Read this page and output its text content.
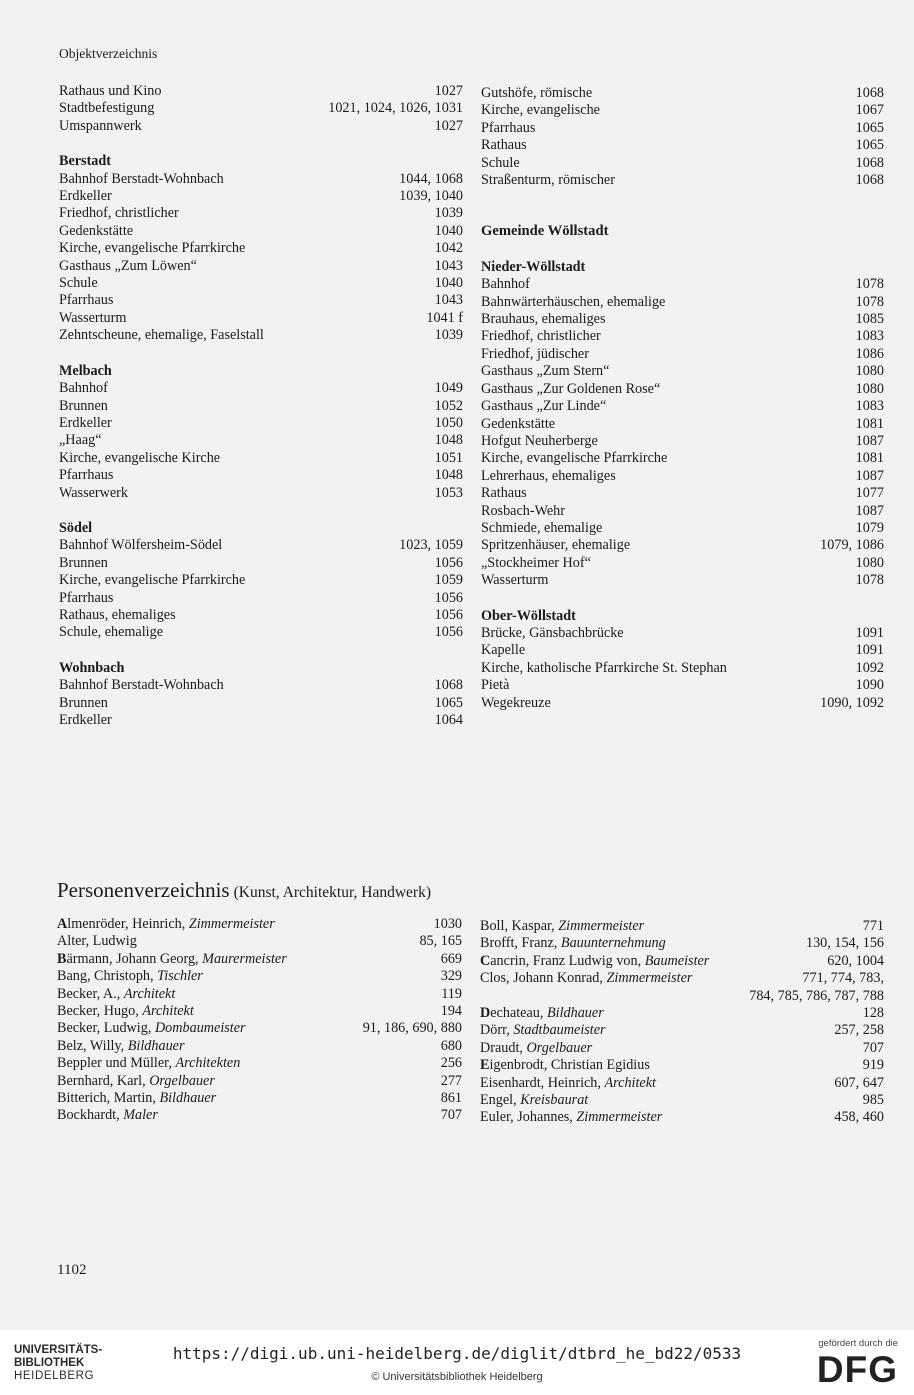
Objektverzeichnis
Rathaus und Kino	1027
Stadtbefestigung	1021, 1024, 1026, 1031
Umspannwerk	1027
Berstadt
Bahnhof Berstadt-Wohnbach	1044, 1068
Erdkeller	1039, 1040
Friedhof, christlicher	1039
Gedenkstätte	1040
Kirche, evangelische Pfarrkirche	1042
Gasthaus „Zum Löwen“	1043
Schule	1040
Pfarrhaus	1043
Wasserturm	1041 f
Zehntscheune, ehemalige, Faselstall	1039
Melbach
Bahnhof	1049
Brunnen	1052
Erdkeller	1050
„Haag“	1048
Kirche, evangelische Kirche	1051
Pfarrhaus	1048
Wasserwerk	1053
Södel
Bahnhof Wölfersheim-Södel	1023, 1059
Brunnen	1056
Kirche, evangelische Pfarrkirche	1059
Pfarrhaus	1056
Rathaus, ehemaliges	1056
Schule, ehemalige	1056
Wohnbach
Bahnhof Berstadt-Wohnbach	1068
Brunnen	1065
Erdkeller	1064
Gutshöfe, römische	1068
Kirche, evangelische	1067
Pfarrhaus	1065
Rathaus	1065
Schule	1068
Straßenturm, römischer	1068
Gemeinde Wöllstadt
Nieder-Wöllstadt
Bahnhof	1078
Bahnwärterhäuschen, ehemalige	1078
Brauhaus, ehemaliges	1085
Friedhof, christlicher	1083
Friedhof, jüdischer	1086
Gasthaus „Zum Stern“	1080
Gasthaus „Zur Goldenen Rose“	1080
Gasthaus „Zur Linde“	1083
Gedenkstätte	1081
Hofgut Neuherberge	1087
Kirche, evangelische Pfarrkirche	1081
Lehrerhaus, ehemaliges	1087
Rathaus	1077
Rosbach-Wehr	1087
Schmiede, ehemalige	1079
Spritzenhäuser, ehemalige	1079, 1086
„Stockheimer Hof“	1080
Wasserturm	1078
Ober-Wöllstadt
Brücke, Gänsbachbrücke	1091
Kapelle	1091
Kirche, katholische Pfarrkirche St. Stephan	1092
Pietà	1090
Wegekreuze	1090, 1092
Personenverzeichnis (Kunst, Architektur, Handwerk)
Almenröder, Heinrich, Zimmermeister	1030
Alter, Ludwig	85, 165
Bärmann, Johann Georg, Maurermeister	669
Bang, Christoph, Tischler	329
Becker, A., Architekt	119
Becker, Hugo, Architekt	194
Becker, Ludwig, Dombaumeister	91, 186, 690, 880
Belz, Willy, Bildhauer	680
Beppler und Müller, Architekten	256
Bernhard, Karl, Orgelbauer	277
Bitterich, Martin, Bildhauer	861
Bockhardt, Maler	707
Boll, Kaspar, Zimmermeister	771
Brofft, Franz, Bauunternehmung	130, 154, 156
Cancrin, Franz Ludwig von, Baumeister	620, 1004
Clos, Johann Konrad, Zimmermeister	771, 774, 783,
784, 785, 786, 787, 788
Dechateau, Bildhauer	128
Dörr, Stadtbaumeister	257, 258
Draudt, Orgelbauer	707
Eigenbrodt, Christian Egidius	919
Eisenhardt, Heinrich, Architekt	607, 647
Engel, Kreisbaurat	985
Euler, Johannes, Zimmermeister	458, 460
1102
UNIVERSITÄTS-
BIBLIOTHEK
HEIDELBERG
https://digi.ub.uni-heidelberg.de/diglit/dtbrd_he_bd22/0533
© Universitätsbibliothek Heidelberg
gefördert durch die
DFG
